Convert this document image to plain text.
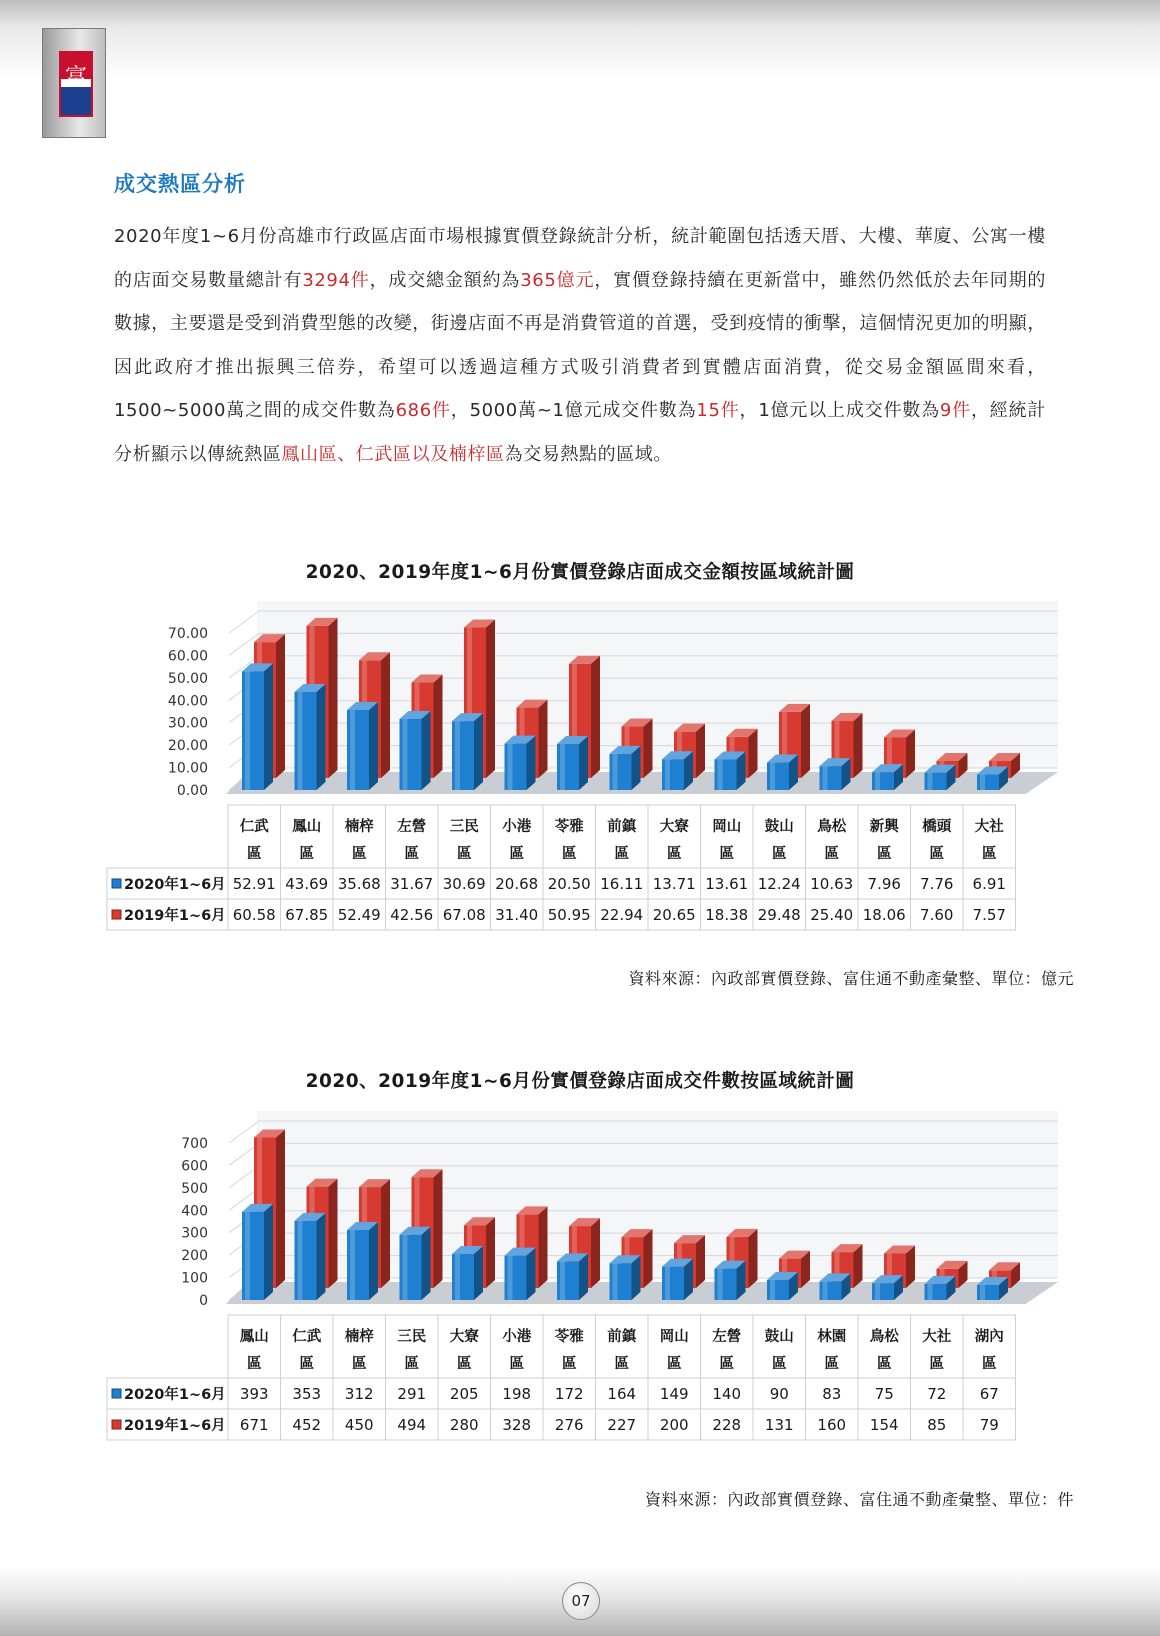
富
成交熱區分析
2020年度1~6月份高雄市行政區店面市場根據實價登錄統計分析，統計範圍包括透天厝、大樓、華廈、公寓一樓的店面交易數量總計有3294件，成交總金額約為365億元，實價登錄持續在更新當中，雖然仍然低於去年同期的數據，主要還是受到消費型態的改變，街邊店面不再是消費管道的首選，受到疫情的衝擊，這個情況更加的明顯，因此政府才推出振興三倍券，希望可以透過這種方式吸引消費者到實體店面消費，從交易金額區間來看，1500~5000萬之間的成交件數為686件，5000萬~1億元成交件數為15件，1億元以上成交件數為9件，經統計分析顯示以傳統熱區鳳山區、仁武區以及楠梓區為交易熱點的區域。
2020、2019年度1~6月份實價登錄店面成交金額按區域統計圖
0.00
10.00
20.00
30.00
40.00
50.00
60.00
70.00
仁武區
鳳山區
楠梓區
左營區
三民區
小港區
苓雅區
前鎮區
大寮區
岡山區
鼓山區
鳥松區
新興區
橋頭區
大社區
2020年1~6月 52.91 43.69 35.68 31.67 30.69 20.68 20.50 16.11 13.71 13.61 12.24 10.63 7.96 7.76 6.91
2019年1~6月 60.58 67.85 52.49 42.56 67.08 31.40 50.95 22.94 20.65 18.38 29.48 25.40 18.06 7.60 7.57
資料來源：內政部實價登錄、富住通不動產彙整、單位：億元
2020、2019年度1~6月份實價登錄店面成交件數按區域統計圖
0
100
200
300
400
500
600
700
鳳山區
仁武區
楠梓區
三民區
大寮區
小港區
苓雅區
前鎮區
岡山區
左營區
鼓山區
林園區
鳥松區
大社區
湖內區
2020年1~6月 393 353 312 291 205 198 172 164 149 140 90 83 75 72 67
2019年1~6月 671 452 450 494 280 328 276 227 200 228 131 160 154 85 79
資料來源：內政部實價登錄、富住通不動產彙整、單位：件
07
